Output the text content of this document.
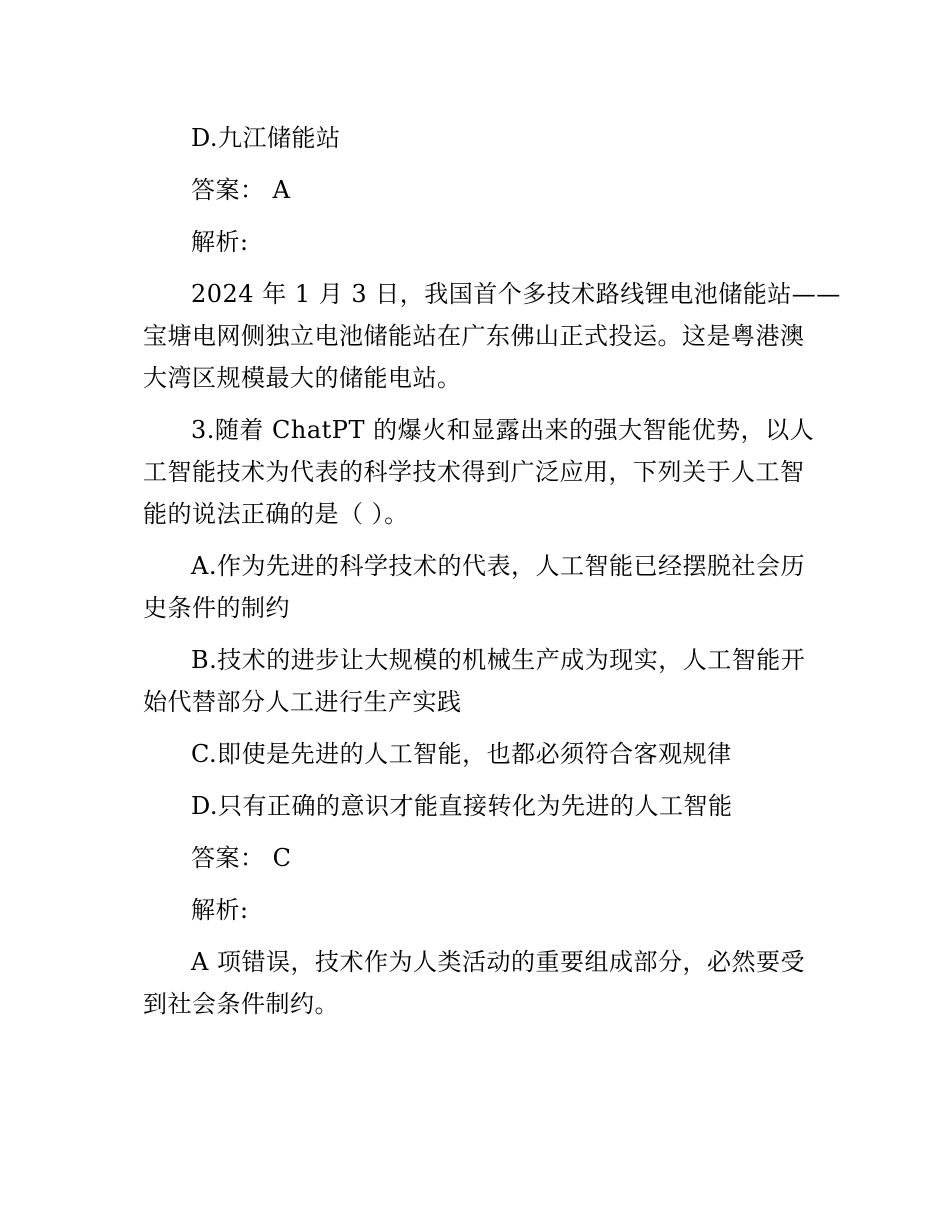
D.九江储能站

答案： A

解析:

2024 年 1 月 3 日，我国首个多技术路线锂电池储能站——

宝塘电网侧独立电池储能站在广东佛山正式投运。这是粤港澳

大湾区规模最大的储能电站。

3.随着 ChatPT 的爆火和显露出来的强大智能优势，以人

工智能技术为代表的科学技术得到广泛应用，下列关于人工智

能的说法正确的是（ ）。

A.作为先进的科学技术的代表，人工智能已经摆脱社会历

史条件的制约

B.技术的进步让大规模的机械生产成为现实，人工智能开

始代替部分人工进行生产实践

C.即使是先进的人工智能，也都必须符合客观规律

D.只有正确的意识才能直接转化为先进的人工智能

答案： C

解析:

A 项错误，技术作为人类活动的重要组成部分，必然要受

到社会条件制约。
